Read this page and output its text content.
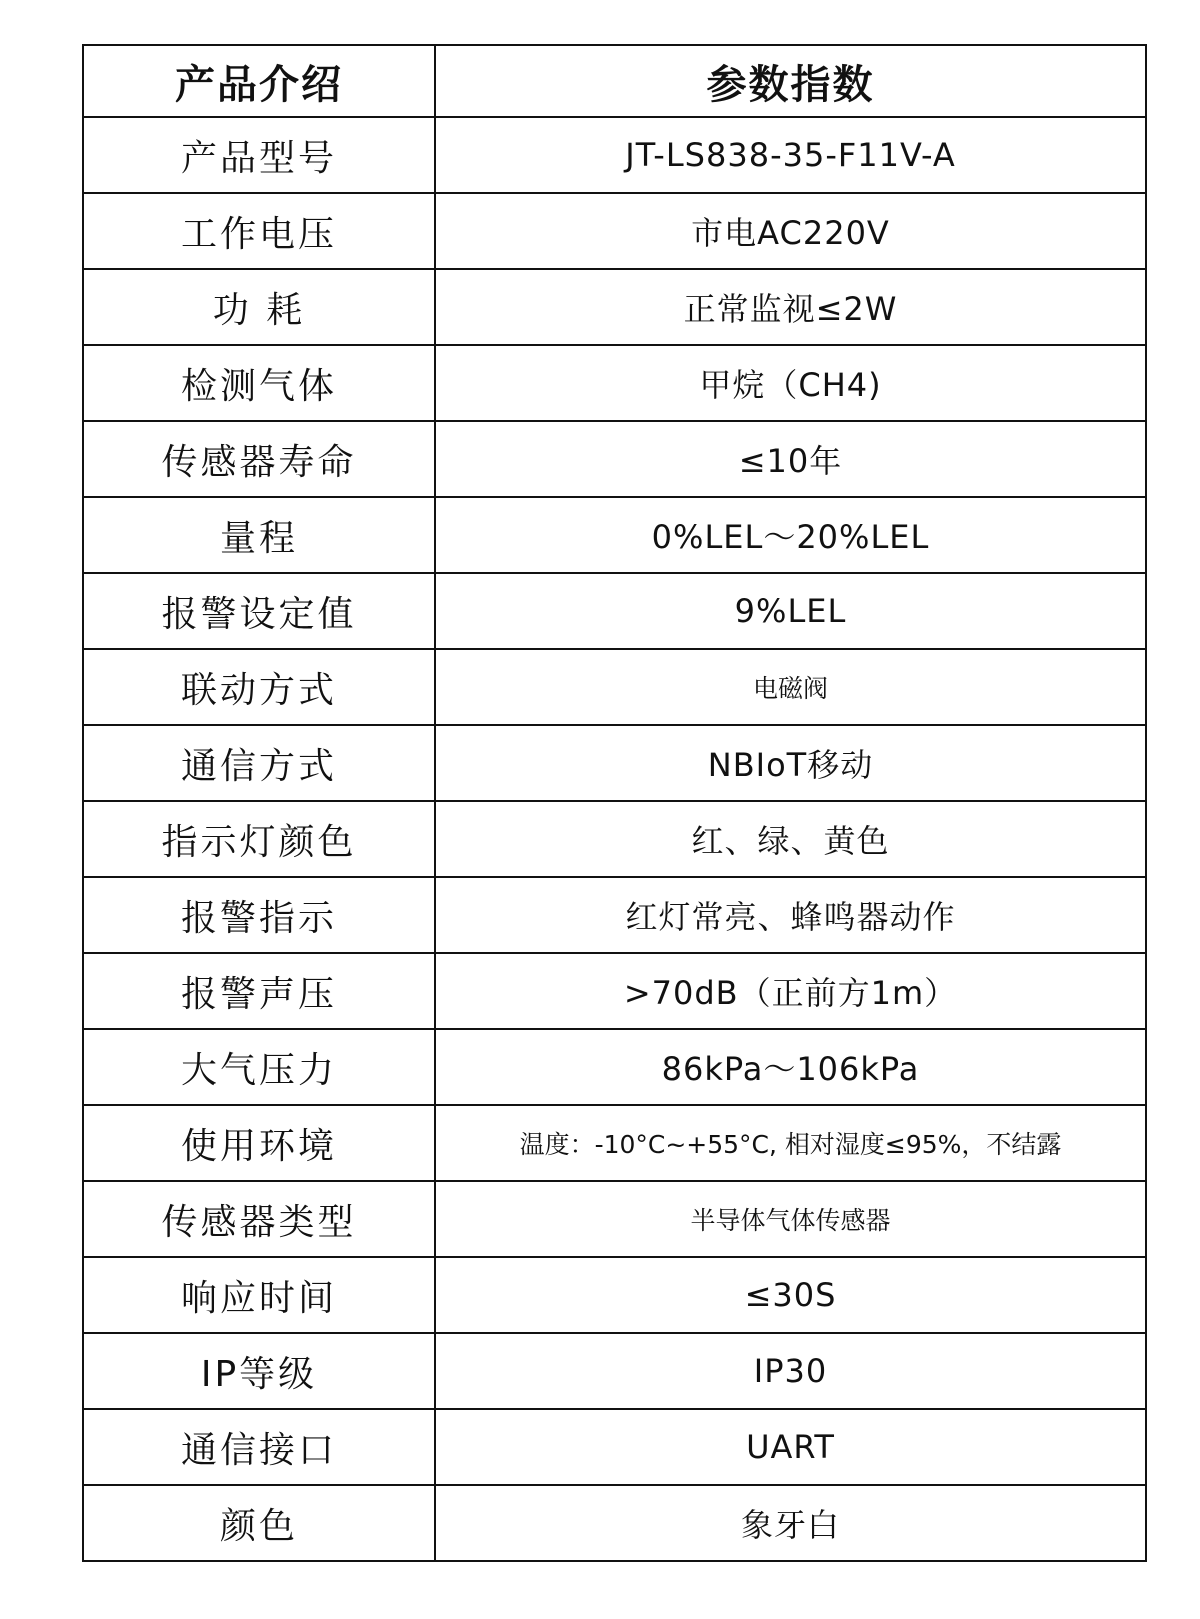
产品介绍	参数指数
产品型号	JT-LS838-35-F11V-A
工作电压	市电AC220V
功 耗	正常监视≤2W
检测气体	甲烷（CH4)
传感器寿命	≤10年
量程	0%LEL～20%LEL
报警设定值	9%LEL
联动方式	电磁阀
通信方式	NBIoT移动
指示灯颜色	红、绿、黄色
报警指示	红灯常亮、蜂鸣器动作
报警声压	>70dB（正前方1m）
大气压力	86kPa～106kPa
使用环境	温度：-10°C~+55°C, 相对湿度≤95%，不结露
传感器类型	半导体气体传感器
响应时间	≤30S
IP等级	IP30
通信接口	UART
颜色	象牙白
